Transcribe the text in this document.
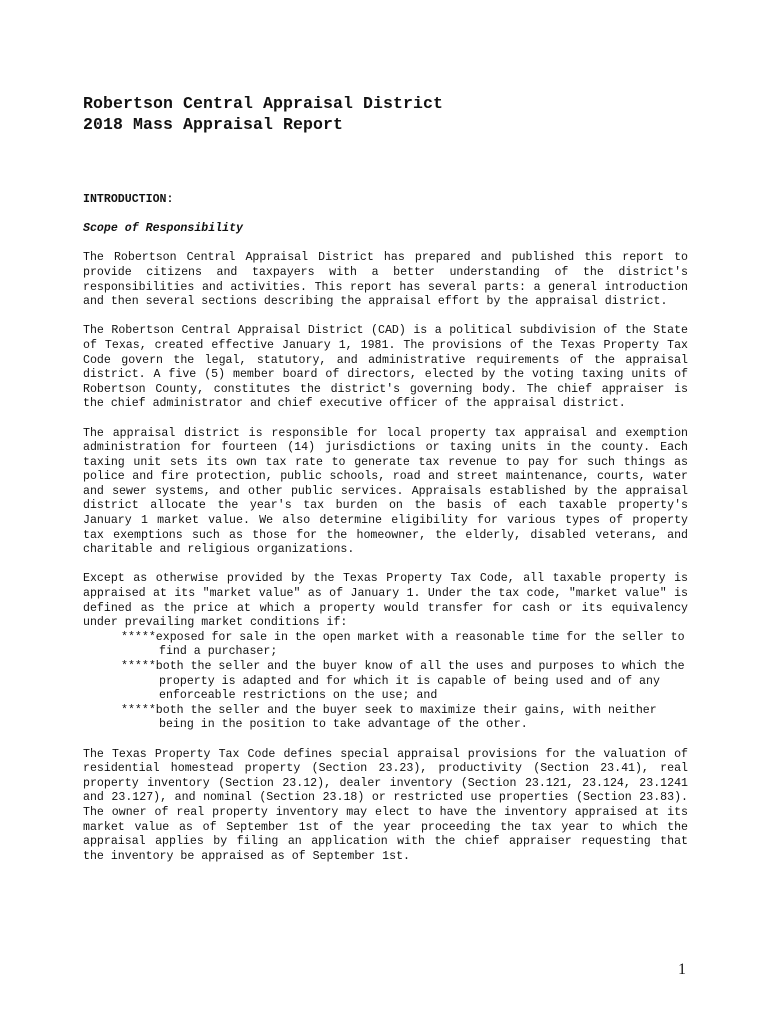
Robertson Central Appraisal District
2018 Mass Appraisal Report
INTRODUCTION:
Scope of Responsibility
The Robertson Central Appraisal District has prepared and published this report to provide citizens and taxpayers with a better understanding of the district's responsibilities and activities. This report has several parts: a general introduction and then several sections describing the appraisal effort by the appraisal district.
The Robertson Central Appraisal District (CAD) is a political subdivision of the State of Texas, created effective January 1, 1981. The provisions of the Texas Property Tax Code govern the legal, statutory, and administrative requirements of the appraisal district. A five (5) member board of directors, elected by the voting taxing units of Robertson County, constitutes the district's governing body. The chief appraiser is the chief administrator and chief executive officer of the appraisal district.
The appraisal district is responsible for local property tax appraisal and exemption administration for fourteen (14) jurisdictions or taxing units in the county. Each taxing unit sets its own tax rate to generate tax revenue to pay for such things as police and fire protection, public schools, road and street maintenance, courts, water and sewer systems, and other public services. Appraisals established by the appraisal district allocate the year's tax burden on the basis of each taxable property's January 1 market value. We also determine eligibility for various types of property tax exemptions such as those for the homeowner, the elderly, disabled veterans, and charitable and religious organizations.
Except as otherwise provided by the Texas Property Tax Code, all taxable property is appraised at its "market value" as of January 1. Under the tax code, "market value" is defined as the price at which a property would transfer for cash or its equivalency under prevailing market conditions if:
*****exposed for sale in the open market with a reasonable time for the seller to find a purchaser;
*****both the seller and the buyer know of all the uses and purposes to which the property is adapted and for which it is capable of being used and of any enforceable restrictions on the use; and
*****both the seller and the buyer seek to maximize their gains, with neither being in the position to take advantage of the other.
The Texas Property Tax Code defines special appraisal provisions for the valuation of residential homestead property (Section 23.23), productivity (Section 23.41), real property inventory (Section 23.12), dealer inventory (Section 23.121, 23.124, 23.1241 and 23.127), and nominal (Section 23.18) or restricted use properties (Section 23.83). The owner of real property inventory may elect to have the inventory appraised at its market value as of September 1st of the year proceeding the tax year to which the appraisal applies by filing an application with the chief appraiser requesting that the inventory be appraised as of September 1st.
1
